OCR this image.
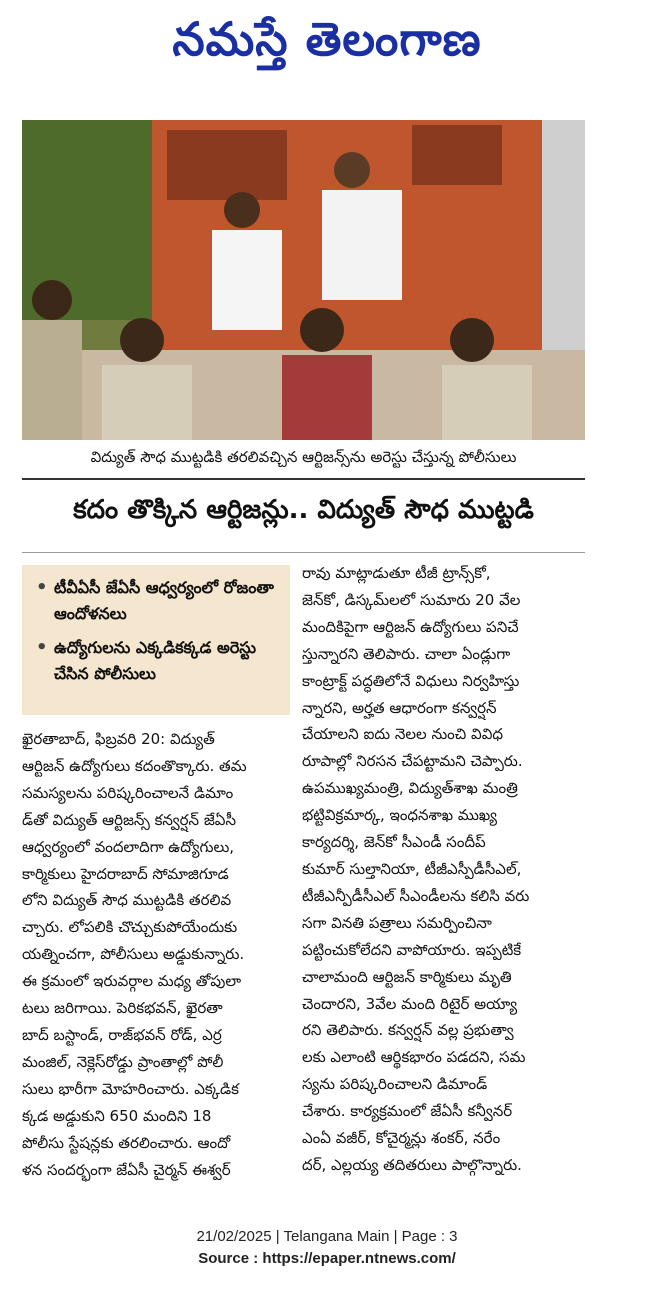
నమస్తే తెలంగాణ
విద్యుత్ సౌధ ముట్టడికి తరలివచ్చిన ఆర్టిజన్స్‌ను అరెస్టు చేస్తున్న పోలీసులు
కదం తొక్కిన ఆర్టిజన్లు.. విద్యుత్ సౌధ ముట్టడి
• టీవీఏసీ జేఏసీ ఆధ్వర్యంలో రోజంతా ఆందోళనలు
• ఉద్యోగులను ఎక్కడికక్కడ అరెస్టు చేసిన పోలీసులు
ఖైరతాబాద్, ఫిబ్రవరి 20: విద్యుత్
ఆర్టిజన్ ఉద్యోగులు కదంతొక్కారు. తమ
సమస్యలను పరిష్కరించాలనే డిమాం
డ్‌తో విద్యుత్ ఆర్టిజన్స్ కన్వర్షన్ జేఏసీ
ఆధ్వర్యంలో వందలాదిగా ఉద్యోగులు,
కార్మికులు హైదరాబాద్ సోమాజిగూడ
లోని విద్యుత్ సౌధ ముట్టడికి తరలివ
చ్చారు. లోపలికి చొచ్చుకుపోయేందుకు
యత్నించగా, పోలీసులు అడ్డుకున్నారు.
ఈ క్రమంలో ఇరువర్గాల మధ్య తోపులా
టలు జరిగాయి. పెరికభవన్, ఖైరతా
బాద్ బస్టాండ్, రాజ్‌భవన్ రోడ్, ఎర్ర
మంజిల్, నెక్లెస్‌రోడ్డు ప్రాంతాల్లో పోలీ
సులు భారీగా మోహరించారు. ఎక్కడిక
క్కడ అడ్డుకుని 650 మందిని 18
పోలీసు స్టేషన్లకు తరలించారు. ఆందో
ళన సందర్భంగా జేఏసీ చైర్మన్ ఈశ్వర్
రావు మాట్లాడుతూ టీజీ ట్రాన్స్‌కో,
జెన్‌కో, డిస్కమ్‌లలో సుమారు 20 వేల
మందికిపైగా ఆర్టిజన్ ఉద్యోగులు పనిచే
స్తున్నారని తెలిపారు. చాలా ఏండ్లుగా
కాంట్రాక్ట్ పద్ధతిలోనే విధులు నిర్వహిస్తు
న్నారని, అర్హత ఆధారంగా కన్వర్షన్
చేయాలని ఐదు నెలల నుంచి వివిధ
రూపాల్లో నిరసన చేపట్టామని చెప్పారు.
ఉపముఖ్యమంత్రి, విద్యుత్‌శాఖ మంత్రి
భట్టివిక్రమార్క, ఇంధనశాఖ ముఖ్య
కార్యదర్శి, జెన్‌కో సీఎండీ సందీప్
కుమార్ సుల్తానియా, టీజీఎస్పీడీసీఎల్,
టీజీఎన్పీడీసీఎల్ సీఎండీలను కలిసి వరు
సగా వినతి పత్రాలు సమర్పించినా
పట్టించుకోలేదని వాపోయారు. ఇప్పటికే
చాలామంది ఆర్టిజన్ కార్మికులు మృతి
చెందారని, 3వేల మంది రిటైర్ అయ్యా
రని తెలిపారు. కన్వర్షన్ వల్ల ప్రభుత్వా
లకు ఎలాంటి ఆర్థికభారం పడదని, సమ
స్యను పరిష్కరించాలని డిమాండ్
చేశారు. కార్యక్రమంలో జేఏసీ కన్వీనర్
ఎంఏ వజీర్, కోచైర్మన్లు శంకర్, నరేం
దర్, ఎల్లయ్య తదితరులు పాల్గొన్నారు.
21/02/2025 | Telangana Main | Page : 3
Source : https://epaper.ntnews.com/
